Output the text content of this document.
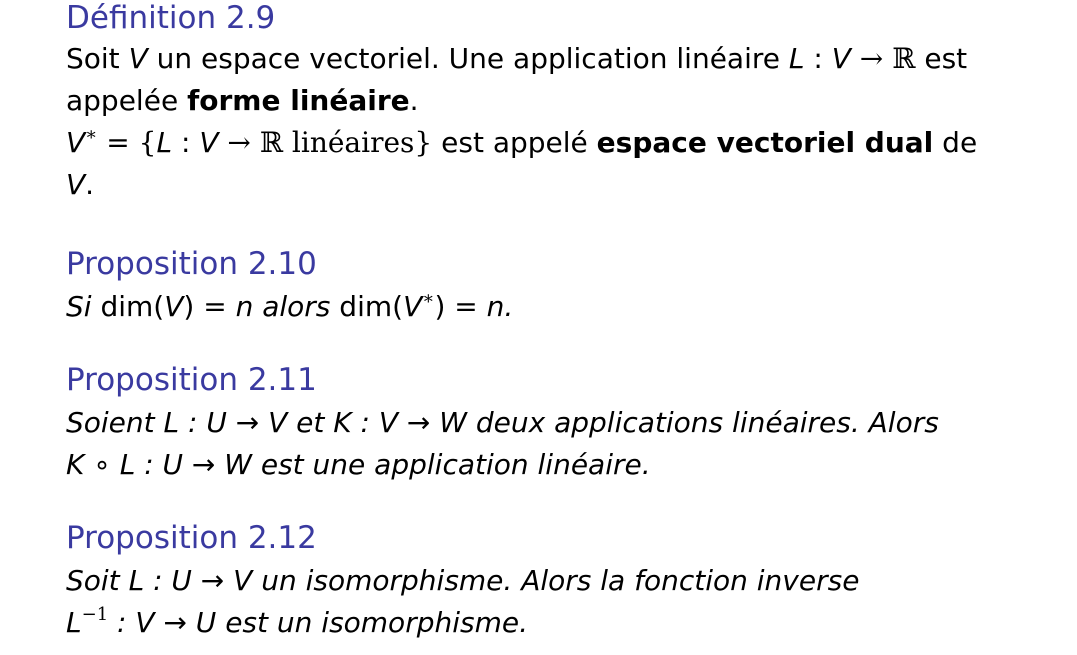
Définition 2.9
Soit V un espace vectoriel. Une application linéaire L : V → ℝ est
appelée forme linéaire.
V∗ = {L : V → ℝ linéaires} est appelé espace vectoriel dual de
V.
Proposition 2.10
Si dim(V) = n alors dim(V∗) = n.
Proposition 2.11
Soient L : U → V et K : V → W deux applications linéaires. Alors
K ∘ L : U → W est une application linéaire.
Proposition 2.12
Soit L : U → V un isomorphisme. Alors la fonction inverse
$L^{-1}$ : V → U est un isomorphisme.
